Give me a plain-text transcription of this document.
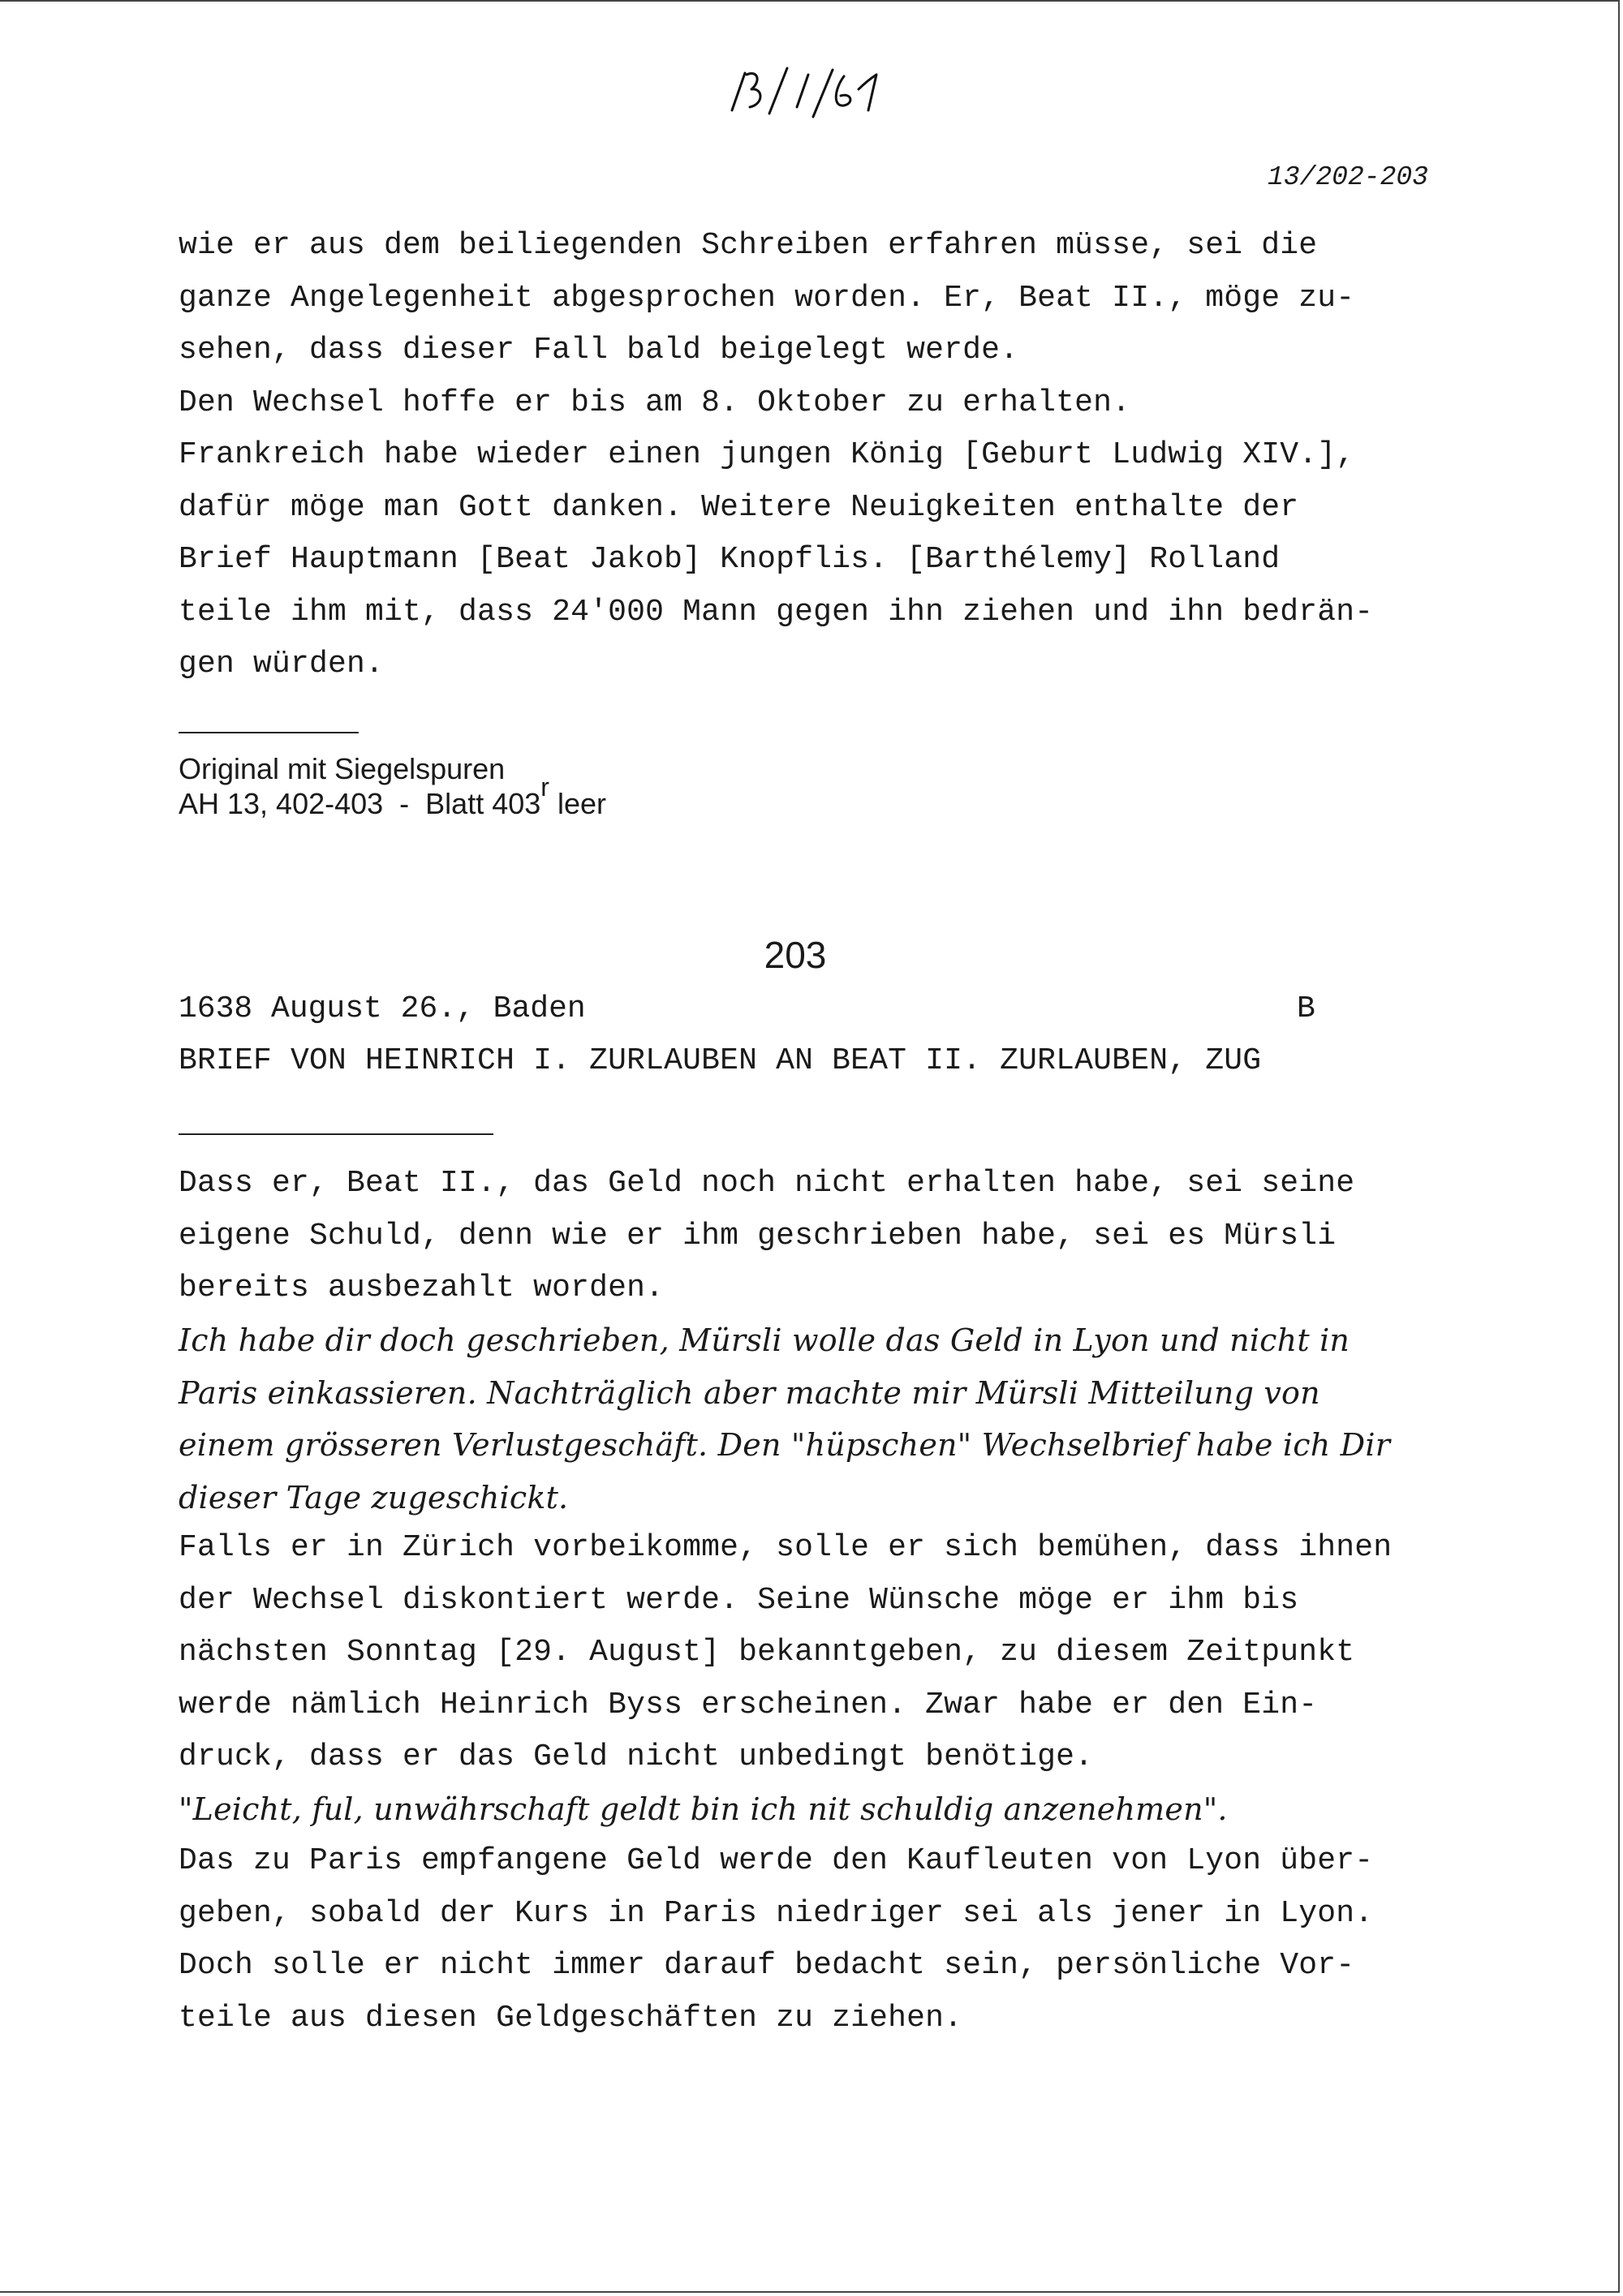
13/202-203
wie er aus dem beiliegenden Schreiben erfahren müsse, sei die
ganze Angelegenheit abgesprochen worden. Er, Beat II., möge zu-
sehen, dass dieser Fall bald beigelegt werde.
Den Wechsel hoffe er bis am 8. Oktober zu erhalten.
Frankreich habe wieder einen jungen König [Geburt Ludwig XIV.],
dafür möge man Gott danken. Weitere Neuigkeiten enthalte der
Brief Hauptmann [Beat Jakob] Knopflis. [Barthélemy] Rolland
teile ihm mit, dass 24'000 Mann gegen ihn ziehen und ihn bedrän-
gen würden.
Original mit Siegelspuren
AH 13, 402-403  -  Blatt 403r leer
203
1638 August 26., Baden	B
BRIEF VON HEINRICH I. ZURLAUBEN AN BEAT II. ZURLAUBEN, ZUG
Dass er, Beat II., das Geld noch nicht erhalten habe, sei seine
eigene Schuld, denn wie er ihm geschrieben habe, sei es Mürsli
bereits ausbezahlt worden.
Ich habe dir doch geschrieben, Mürsli wolle das Geld in Lyon und nicht in
Paris einkassieren. Nachträglich aber machte mir Mürsli Mitteilung von
einem grösseren Verlustgeschäft. Den "hüpschen" Wechselbrief habe ich Dir
dieser Tage zugeschickt.
Falls er in Zürich vorbeikomme, solle er sich bemühen, dass ihnen
der Wechsel diskontiert werde. Seine Wünsche möge er ihm bis
nächsten Sonntag [29. August] bekanntgeben, zu diesem Zeitpunkt
werde nämlich Heinrich Byss erscheinen. Zwar habe er den Ein-
druck, dass er das Geld nicht unbedingt benötige.
"Leicht, ful, unwährschaft geldt bin ich nit schuldig anzenehmen".
Das zu Paris empfangene Geld werde den Kaufleuten von Lyon über-
geben, sobald der Kurs in Paris niedriger sei als jener in Lyon.
Doch solle er nicht immer darauf bedacht sein, persönliche Vor-
teile aus diesen Geldgeschäften zu ziehen.
